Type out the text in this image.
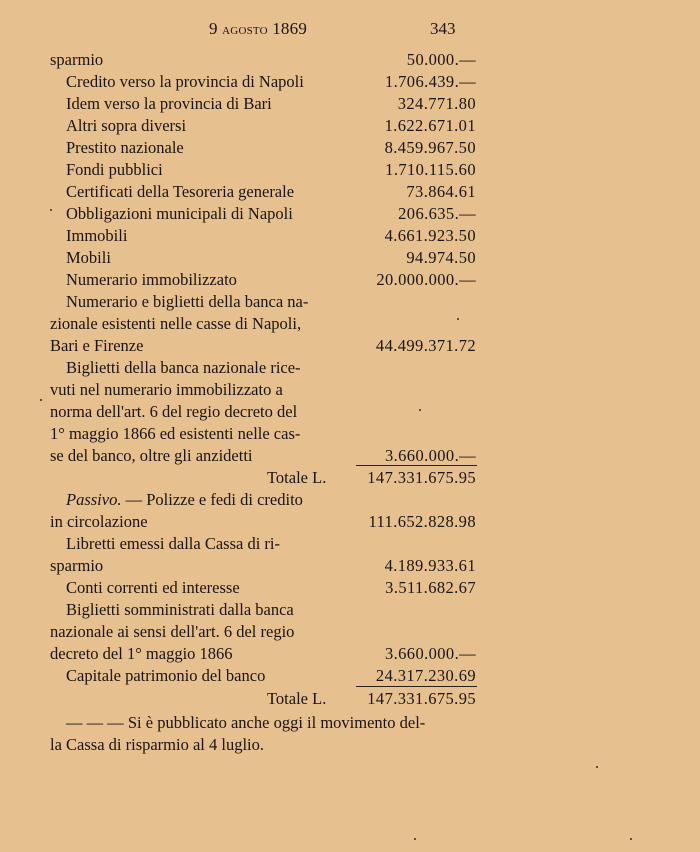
9 agosto 1869	343
sparmio	50.000.—
Credito verso la provincia di Napoli	1.706.439.—
Idem verso la provincia di Bari	324.771.80
Altri sopra diversi	1.622.671.01
Prestito nazionale	8.459.967.50
Fondi pubblici	1.710.115.60
Certificati della Tesoreria generale	73.864.61
Obbligazioni municipali di Napoli	206.635.—
Immobili	4.661.923.50
Mobili	94.974.50
Numerario immobilizzato	20.000.000.—
Numerario e biglietti della banca na-
zionale esistenti nelle casse di Napoli,
Bari e Firenze	44.499.371.72
Biglietti della banca nazionale rice-
vuti nel numerario immobilizzato a
norma dell'art. 6 del regio decreto del
1° maggio 1866 ed esistenti nelle cas-
se del banco, oltre gli anzidetti	3.660.000.—
Totale L. 147.331.675.95
Passivo. — Polizze e fedi di credito
in circolazione	111.652.828.98
Libretti emessi dalla Cassa di ri-
sparmio	4.189.933.61
Conti correnti ed interesse	3.511.682.67
Biglietti somministrati dalla banca
nazionale ai sensi dell'art. 6 del regio
decreto del 1° maggio 1866	3.660.000.—
Capitale patrimonio del banco	24.317.230.69
Totale L. 147.331.675.95
— — — Si è pubblicato anche oggi il movimento del-
la Cassa di risparmio al 4 luglio.
